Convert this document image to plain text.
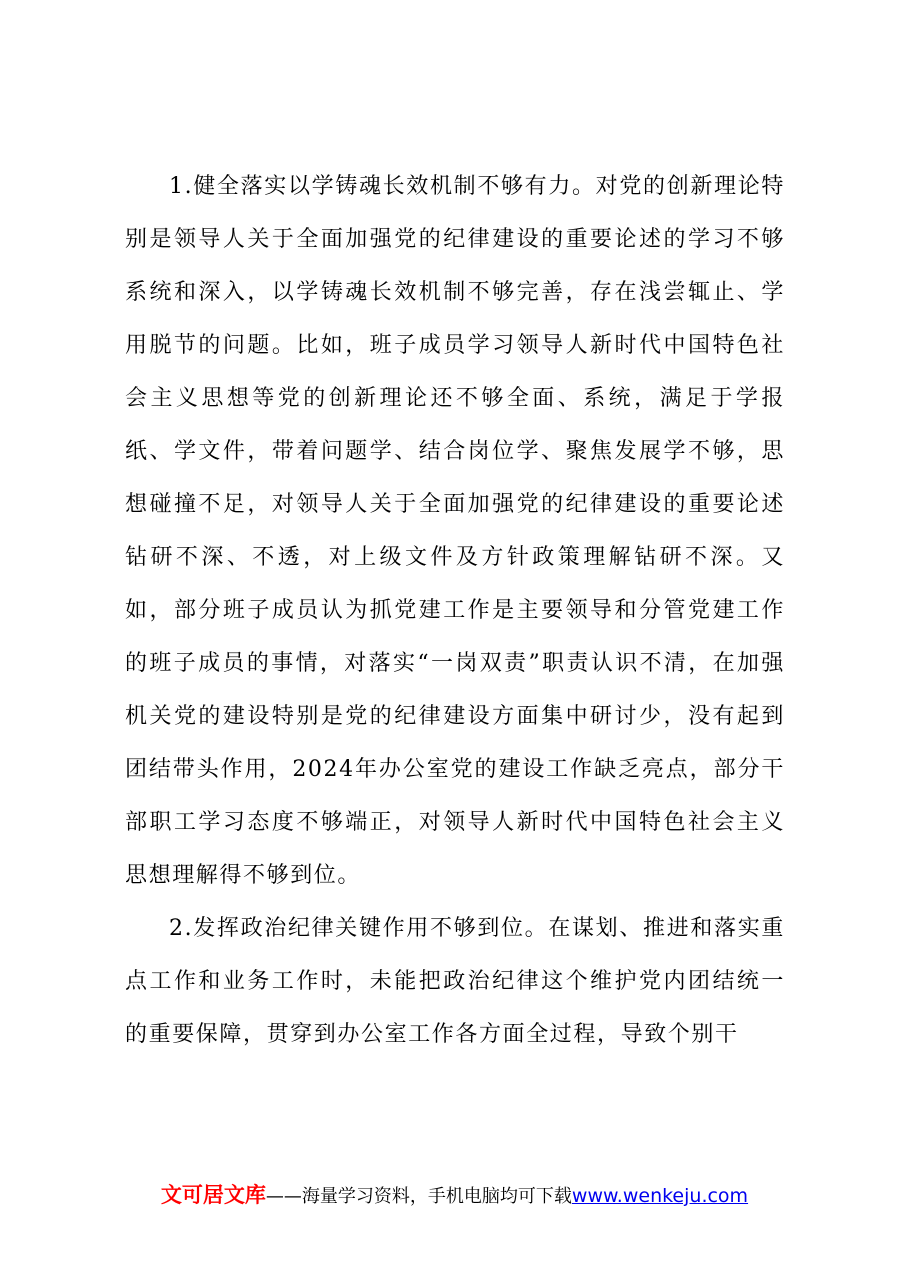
1.健全落实以学铸魂长效机制不够有力。对党的创新理论特别是领导人关于全面加强党的纪律建设的重要论述的学习不够系统和深入，以学铸魂长效机制不够完善，存在浅尝辄止、学用脱节的问题。比如，班子成员学习领导人新时代中国特色社会主义思想等党的创新理论还不够全面、系统，满足于学报纸、学文件，带着问题学、结合岗位学、聚焦发展学不够，思想碰撞不足，对领导人关于全面加强党的纪律建设的重要论述钻研不深、不透，对上级文件及方针政策理解钻研不深。又如，部分班子成员认为抓党建工作是主要领导和分管党建工作的班子成员的事情，对落实“一岗双责”职责认识不清，在加强机关党的建设特别是党的纪律建设方面集中研讨少，没有起到团结带头作用，2024年办公室党的建设工作缺乏亮点，部分干部职工学习态度不够端正，对领导人新时代中国特色社会主义思想理解得不够到位。

2.发挥政治纪律关键作用不够到位。在谋划、推进和落实重点工作和业务工作时，未能把政治纪律这个维护党内团结统一的重要保障，贯穿到办公室工作各方面全过程，导致个别干

文可居文库——海量学习资料，手机电脑均可下载www.wenkeju.com
